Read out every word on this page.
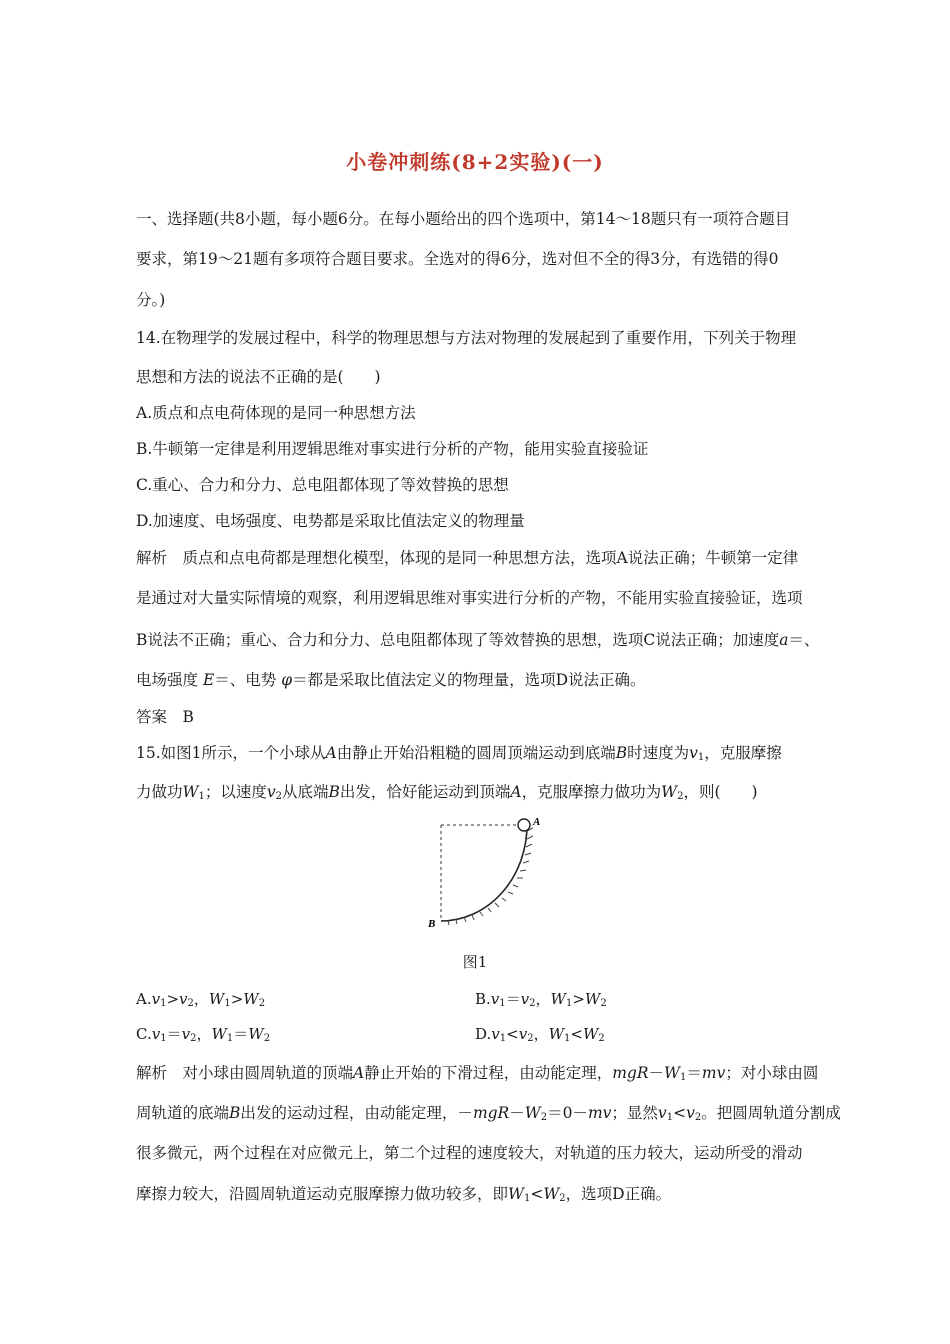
小卷冲刺练(8+2实验)(一)
一、选择题(共8小题，每小题6分。在每小题给出的四个选项中，第14～18题只有一项符合题目
要求，第19～21题有多项符合题目要求。全选对的得6分，选对但不全的得3分，有选错的得0
分。)
14.在物理学的发展过程中，科学的物理思想与方法对物理的发展起到了重要作用，下列关于物理
思想和方法的说法不正确的是(　　)
A.质点和点电荷体现的是同一种思想方法
B.牛顿第一定律是利用逻辑思维对事实进行分析的产物，能用实验直接验证
C.重心、合力和分力、总电阻都体现了等效替换的思想
D.加速度、电场强度、电势都是采取比值法定义的物理量
解析　质点和点电荷都是理想化模型，体现的是同一种思想方法，选项A说法正确；牛顿第一定律
是通过对大量实际情境的观察，利用逻辑思维对事实进行分析的产物，不能用实验直接验证，选项
B说法不正确；重心、合力和分力、总电阻都体现了等效替换的思想，选项C说法正确；加速度a＝、
电场强度 E＝、电势 φ＝都是采取比值法定义的物理量，选项D说法正确。
答案　B
15.如图1所示，一个小球从A由静止开始沿粗糙的圆周顶端运动到底端B时速度为$v_1$，克服摩擦
力做功$W_1$；以速度$v_2$从底端B出发，恰好能运动到顶端A，克服摩擦力做功为$W_2$，则(　　)
A
B
图1
$A.v_1>v_2$，$W_1>W_2$	$B.v_1=v_2$，$W_1>W_2$
$C.v_1=v_2$，$W_1=W_2$	$D.v_1<v_2$，$W_1<W_2$
解析　对小球由圆周轨道的顶端A静止开始的下滑过程，由动能定理，$mgR-W_1=mv$；对小球由圆
周轨道的底端B出发的运动过程，由动能定理，$-mgR-W_2=0-mv$；显然$v_1<v_2$。把圆周轨道分割成
很多微元，两个过程在对应微元上，第二个过程的速度较大，对轨道的压力较大，运动所受的滑动
摩擦力较大，沿圆周轨道运动克服摩擦力做功较多，即$W_1<W_2$，选项D正确。
